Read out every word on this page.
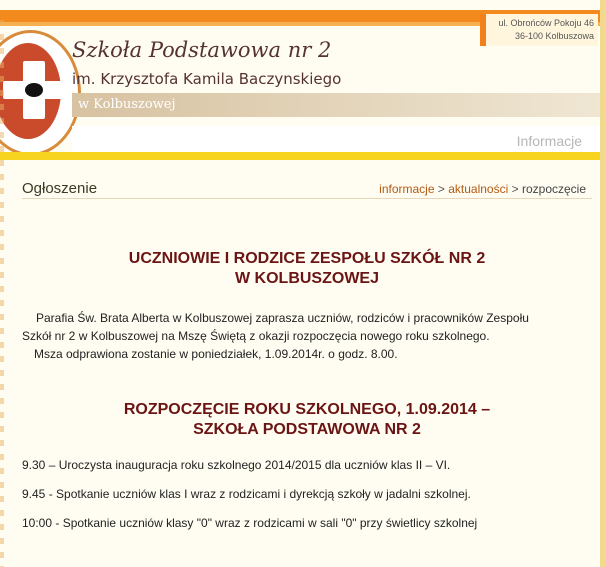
ul. Obrońców Pokoju 46
36-100 Kolbuszowa
Szkoła Podstawowa nr 2
im. Krzysztofa Kamila Baczynskiego
w Kolbuszowej
Informacje
Ogłoszenie	informacje > aktualności > rozpoczęcie
UCZNIOWIE I RODZICE ZESPOŁU SZKÓŁ NR 2
W KOLBUSZOWEJ
Parafia Św. Brata Alberta w Kolbuszowej zaprasza uczniów, rodziców i pracowników Zespołu
Szkół nr 2 w Kolbuszowej na Mszę Świętą z okazji rozpoczęcia nowego roku szkolnego.
Msza odprawiona zostanie w poniedziałek, 1.09.2014r. o godz. 8.00.
ROZPOCZĘCIE ROKU SZKOLNEGO, 1.09.2014 –
SZKOŁA PODSTAWOWA NR 2
9.30 – Uroczysta inauguracja roku szkolnego 2014/2015 dla uczniów klas II – VI.
9.45 - Spotkanie uczniów klas I wraz z rodzicami i dyrekcją szkoły w jadalni szkolnej.
10:00 - Spotkanie uczniów klasy "0" wraz z rodzicami w sali "0" przy świetlicy szkolnej
